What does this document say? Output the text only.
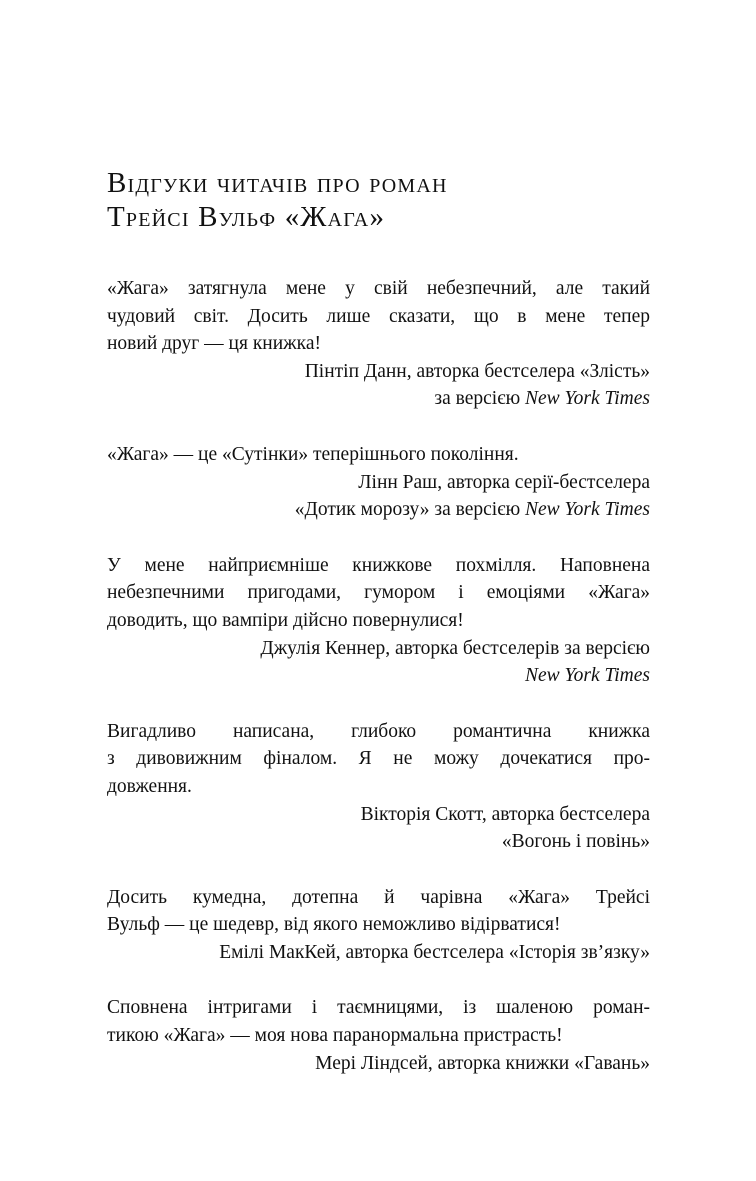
Відгуки читачів про роман
Трейсі Вульф «Жага»

«Жага» затягнула мене у свій небезпечний, але такий
чудовий світ. Досить лише сказати, що в мене тепер
новий друг — ця книжка!

Пінтіп Данн, авторка бестселера «Злість»
за версією New York Times

«Жага» — це «Сутінки» теперішнього покоління.

Лінн Раш, авторка серії-бестселера
«Дотик морозу» за версією New York Times

У мене найприємніше книжкове похмілля. Наповнена
небезпечними пригодами, гумором і емоціями «Жага»
доводить, що вампіри дійсно повернулися!

Джулія Кеннер, авторка бестселерів за версією
New York Times

Вигадливо написана, глибоко романтична книжка
з дивовижним фіналом. Я не можу дочекатися про-
довження.

Вікторія Скотт, авторка бестселера
«Вогонь і повінь»

Досить кумедна, дотепна й чарівна «Жага» Трейсі
Вульф — це шедевр, від якого неможливо відірватися!

Емілі МакКей, авторка бестселера «Історія зв’язку»

Сповнена інтригами і таємницями, із шаленою роман-
тикою «Жага» — моя нова паранормальна пристрасть!

Мері Ліндсей, авторка книжки «Гавань»
